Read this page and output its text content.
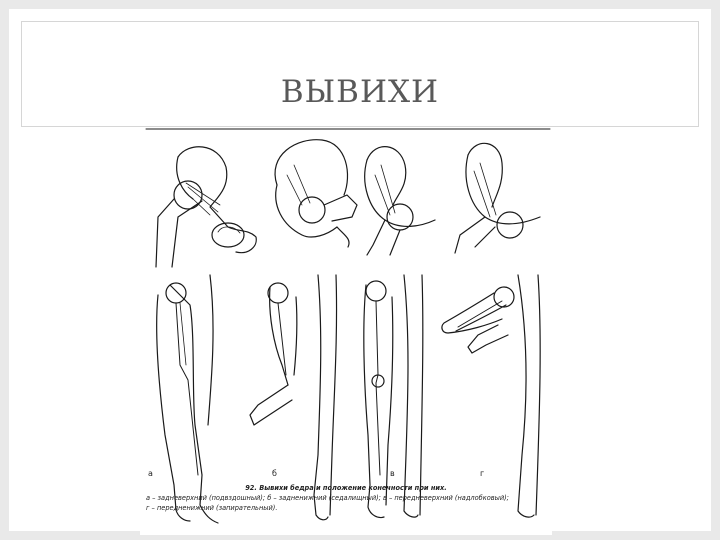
ВЫВИХИ
а	б	в	г
92. Вывихи бедра и положение конечности при них.
а – задневерхний (подвздошный); б – задненижний (седалищный); в – передневерхний (надлобковый);
г – передненижний (запирательный).
